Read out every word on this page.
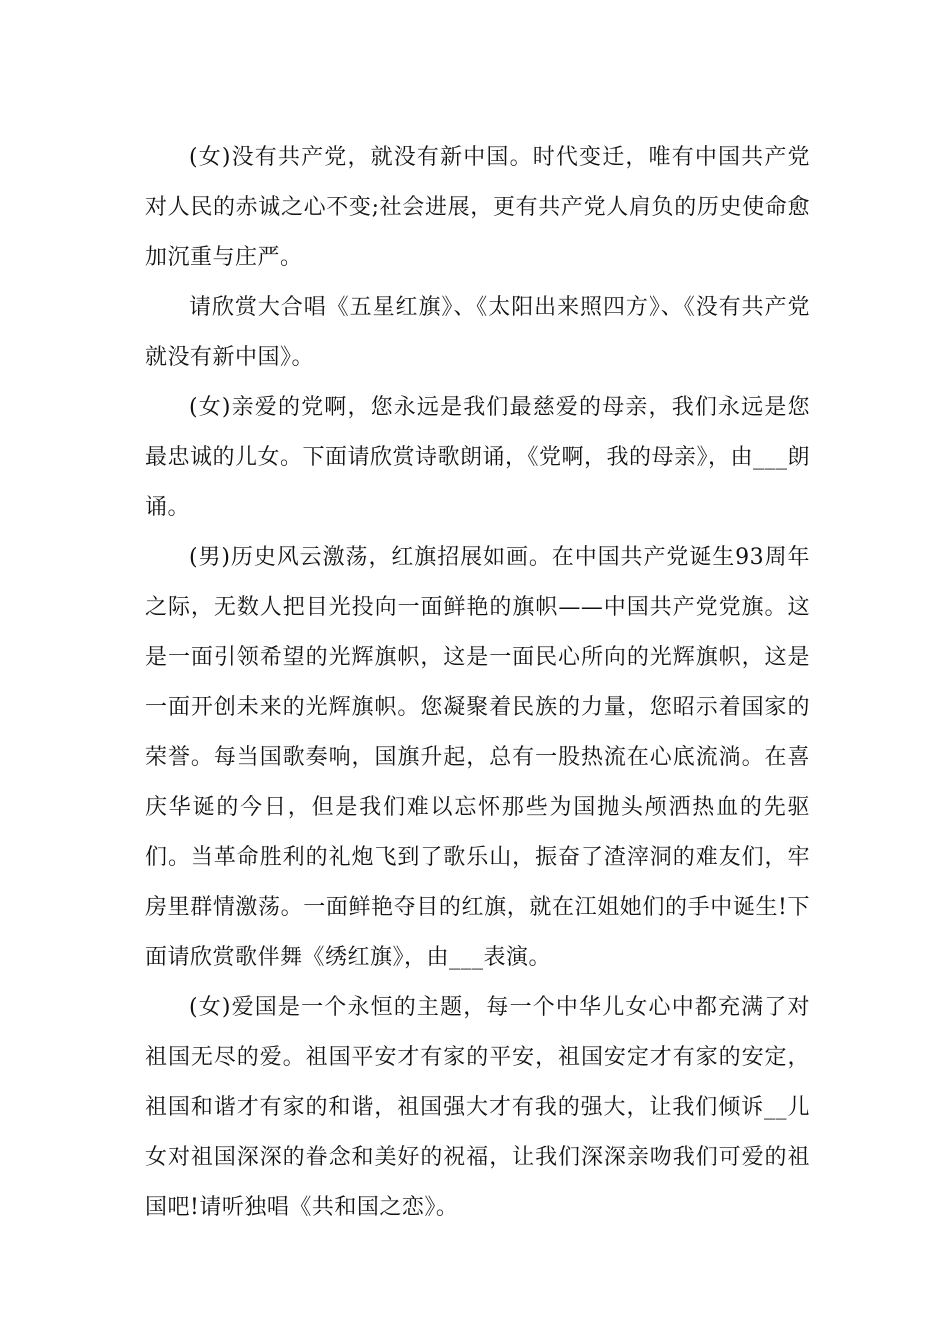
(女)没有共产党，就没有新中国。时代变迁，唯有中国共产党对人民的赤诚之心不变;社会进展，更有共产党人肩负的历史使命愈加沉重与庄严。

请欣赏大合唱《五星红旗》、《太阳出来照四方》、《没有共产党就没有新中国》。

(女)亲爱的党啊，您永远是我们最慈爱的母亲，我们永远是您最忠诚的儿女。下面请欣赏诗歌朗诵，《党啊，我的母亲》，由___朗诵。

(男)历史风云激荡，红旗招展如画。在中国共产党诞生93周年之际，无数人把目光投向一面鲜艳的旗帜——中国共产党党旗。这是一面引领希望的光辉旗帜，这是一面民心所向的光辉旗帜，这是一面开创未来的光辉旗帜。您凝聚着民族的力量，您昭示着国家的荣誉。每当国歌奏响，国旗升起，总有一股热流在心底流淌。在喜庆华诞的今日，但是我们难以忘怀那些为国抛头颅洒热血的先驱们。当革命胜利的礼炮飞到了歌乐山，振奋了渣滓洞的难友们，牢房里群情激荡。一面鲜艳夺目的红旗，就在江姐她们的手中诞生!下面请欣赏歌伴舞《绣红旗》，由___表演。

(女)爱国是一个永恒的主题，每一个中华儿女心中都充满了对祖国无尽的爱。祖国平安才有家的平安，祖国安定才有家的安定，祖国和谐才有家的和谐，祖国强大才有我的强大，让我们倾诉__儿女对祖国深深的眷念和美好的祝福，让我们深深亲吻我们可爱的祖国吧!请听独唱《共和国之恋》。
